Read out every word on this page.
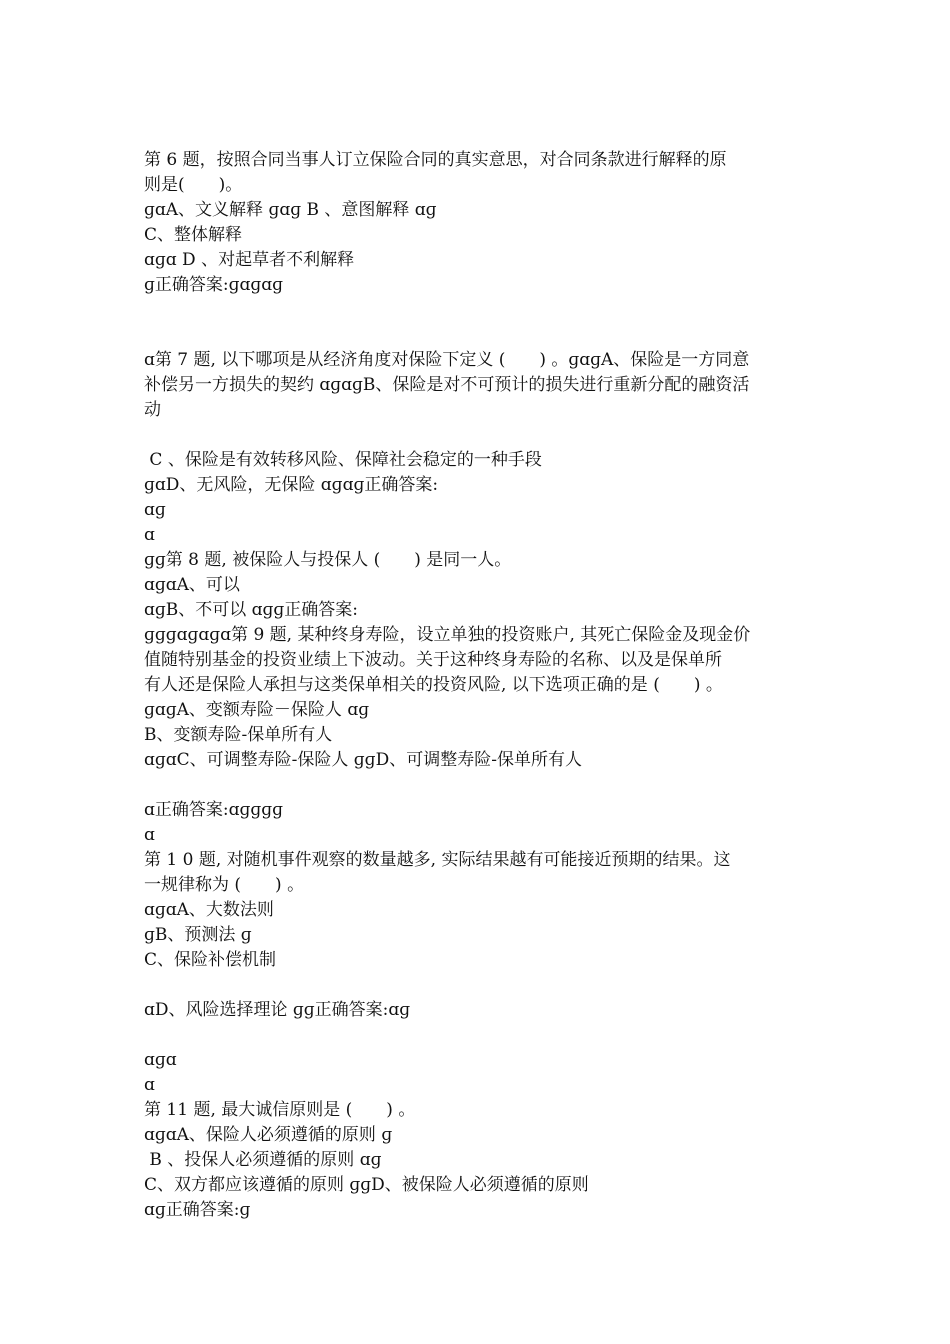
第 6 题，按照合同当事人订立保险合同的真实意思，对合同条款进行解释的原
则是(　　)。
ɡɑA、文义解释 ɡɑɡ B 、意图解释 ɑɡ
C、整体解释
ɑɡɑ D 、对起草者不利解释
ɡ正确答案:ɡɑɡɑɡ
ɑ第 7 题, 以下哪项是从经济角度对保险下定义 (　　) 。ɡɑɡA、保险是一方同意
补偿另一方损失的契约 ɑɡɑɡB、保险是对不可预计的损失进行重新分配的融资活
动
C 、保险是有效转移风险、保障社会稳定的一种手段
ɡɑD、无风险，无保险 ɑɡɑɡ正确答案:
ɑɡ
ɑ
ɡɡ第 8 题, 被保险人与投保人 (　　) 是同一人。
ɑɡɑA、可以
ɑɡB、不可以 ɑɡɡ正确答案:
ɡɡɡɑɡɑɡɑ第 9 题, 某种终身寿险，设立单独的投资账户, 其死亡保险金及现金价
值随特别基金的投资业绩上下波动。关于这种终身寿险的名称、以及是保单所
有人还是保险人承担与这类保单相关的投资风险, 以下选项正确的是 (　　) 。
ɡɑɡA、变额寿险－保险人 ɑɡ
B、变额寿险-保单所有人
ɑɡɑC、可调整寿险-保险人 ɡɡD、可调整寿险-保单所有人
ɑ正确答案:ɑɡɡɡɡ
ɑ
第 1 0 题, 对随机事件观察的数量越多, 实际结果越有可能接近预期的结果。这
一规律称为 (　　) 。
ɑɡɑA、大数法则
ɡB、预测法 ɡ
C、保险补偿机制
ɑD、风险选择理论 ɡɡ正确答案:ɑɡ
ɑɡɑ
ɑ
第 11 题, 最大诚信原则是 (　　) 。
ɑɡɑA、保险人必须遵循的原则 ɡ
B 、投保人必须遵循的原则 ɑɡ
C、双方都应该遵循的原则 ɡɡD、被保险人必须遵循的原则
ɑɡ正确答案:ɡ
